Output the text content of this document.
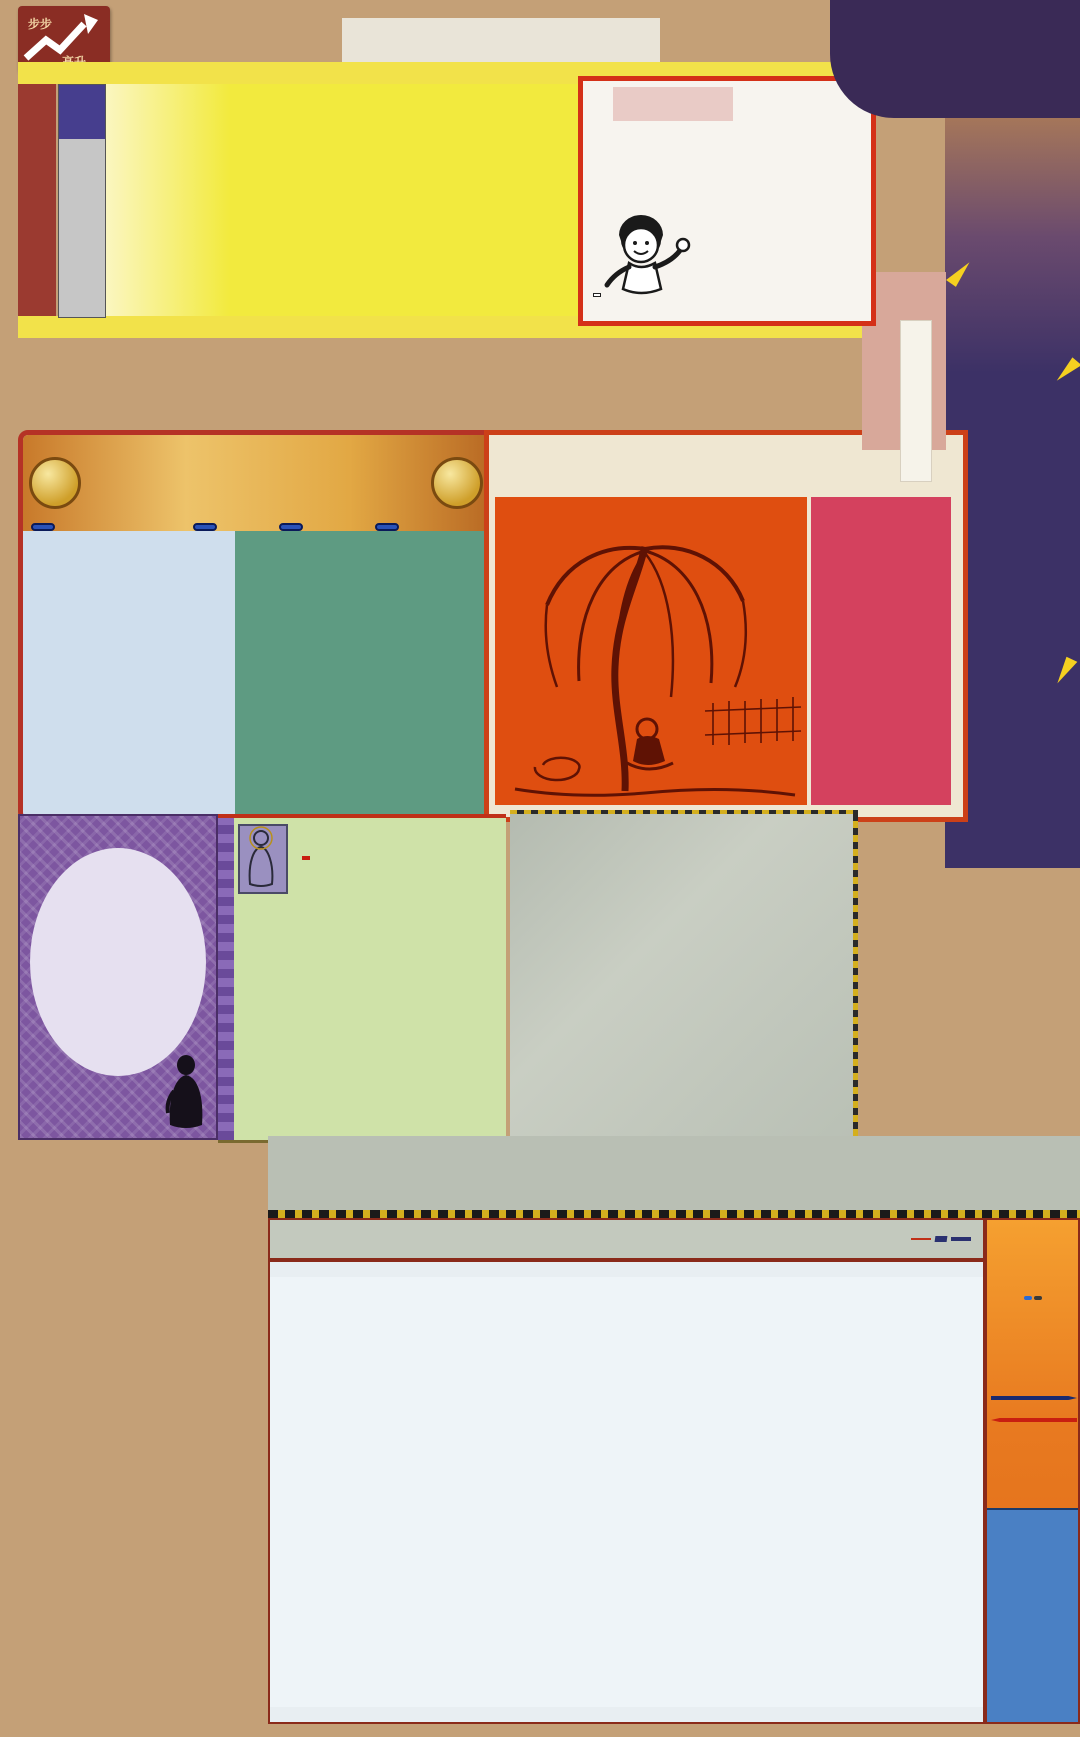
步步
